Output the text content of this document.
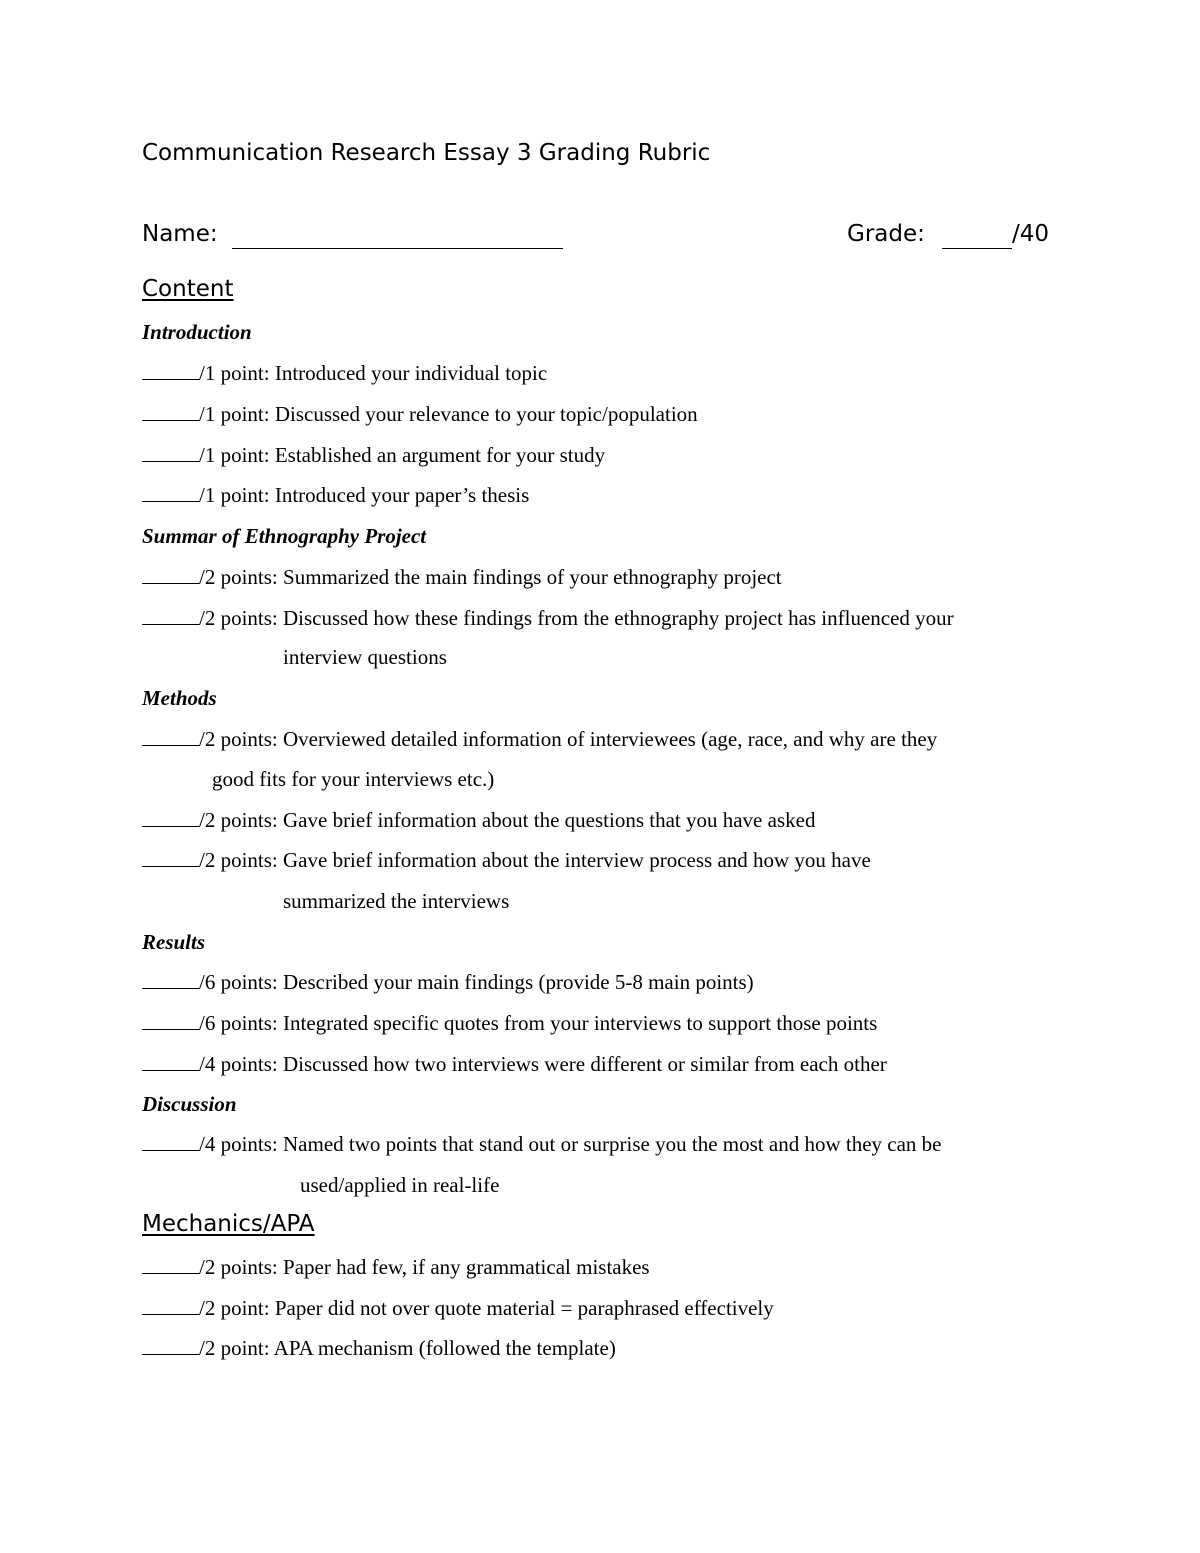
Communication Research Essay 3 Grading Rubric
Name:	Grade:	/40
Content
Introduction
/1 point: Introduced your individual topic
/1 point: Discussed your relevance to your topic/population
/1 point: Established an argument for your study
/1 point: Introduced your paper’s thesis
Summar of Ethnography Project
/2 points: Summarized the main findings of your ethnography project
/2 points: Discussed how these findings from the ethnography project has influenced your
interview questions
Methods
/2 points: Overviewed detailed information of interviewees (age, race, and why are they
good fits for your interviews etc.)
/2 points: Gave brief information about the questions that you have asked
/2 points: Gave brief information about the interview process and how you have
summarized the interviews
Results
/6 points: Described your main findings (provide 5-8 main points)
/6 points: Integrated specific quotes from your interviews to support those points
/4 points: Discussed how two interviews were different or similar from each other
Discussion
/4 points: Named two points that stand out or surprise you the most and how they can be
used/applied in real-life
Mechanics/APA
/2 points: Paper had few, if any grammatical mistakes
/2 point: Paper did not over quote material = paraphrased effectively
/2 point: APA mechanism (followed the template)
